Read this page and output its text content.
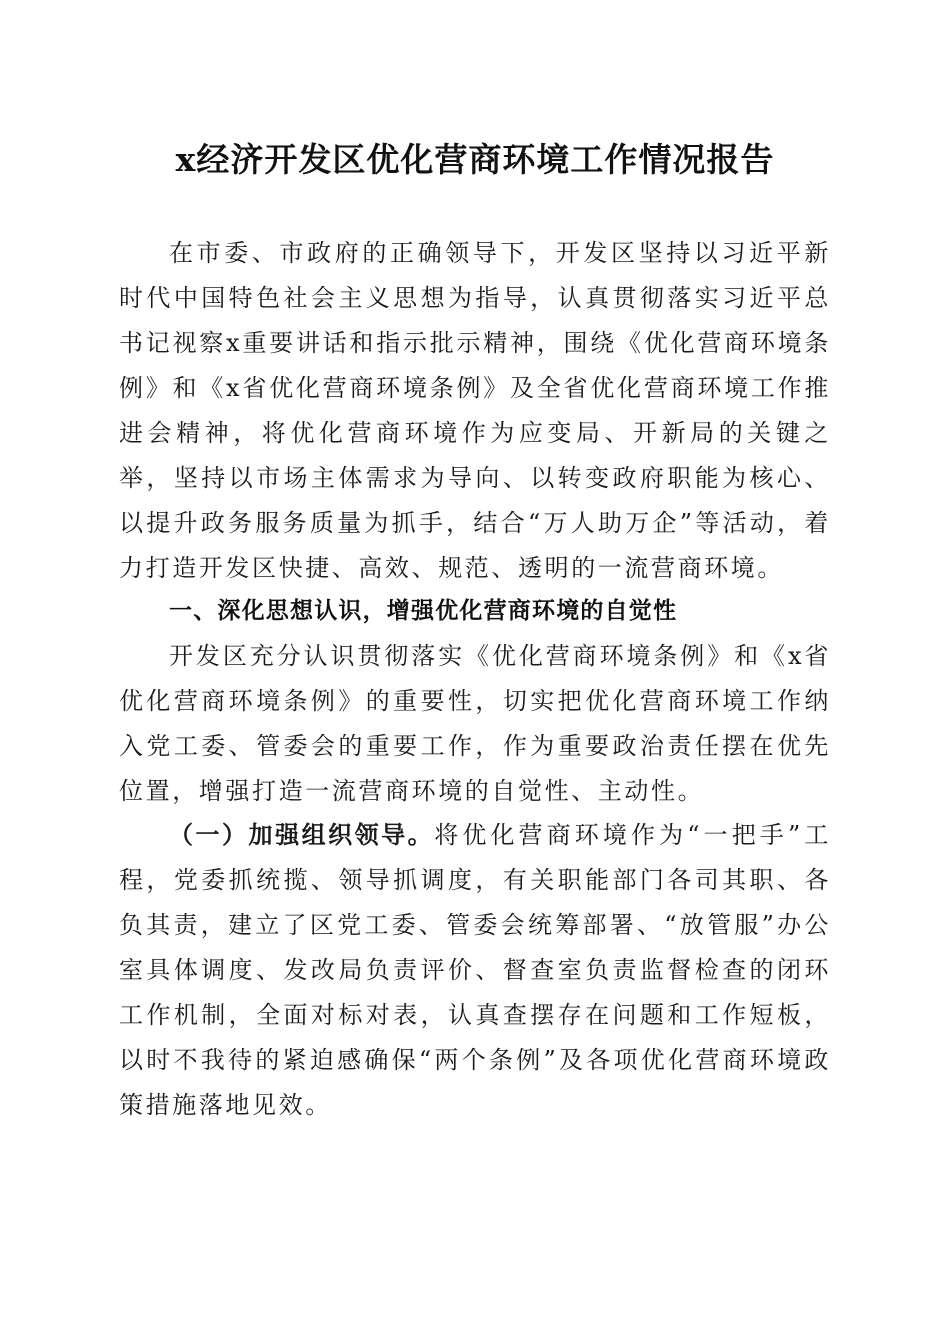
x经济开发区优化营商环境工作情况报告

在市委、市政府的正确领导下，开发区坚持以习近平新时代中国特色社会主义思想为指导，认真贯彻落实习近平总书记视察x重要讲话和指示批示精神，围绕《优化营商环境条例》和《x省优化营商环境条例》及全省优化营商环境工作推进会精神，将优化营商环境作为应变局、开新局的关键之举，坚持以市场主体需求为导向、以转变政府职能为核心、以提升政务服务质量为抓手，结合“万人助万企”等活动，着力打造开发区快捷、高效、规范、透明的一流营商环境。

一、深化思想认识，增强优化营商环境的自觉性

开发区充分认识贯彻落实《优化营商环境条例》和《x省优化营商环境条例》的重要性，切实把优化营商环境工作纳入党工委、管委会的重要工作，作为重要政治责任摆在优先位置，增强打造一流营商环境的自觉性、主动性。

（一）加强组织领导。将优化营商环境作为“一把手”工程，党委抓统揽、领导抓调度，有关职能部门各司其职、各负其责，建立了区党工委、管委会统筹部署、“放管服”办公室具体调度、发改局负责评价、督查室负责监督检查的闭环工作机制，全面对标对表，认真查摆存在问题和工作短板，以时不我待的紧迫感确保“两个条例”及各项优化营商环境政策措施落地见效。
